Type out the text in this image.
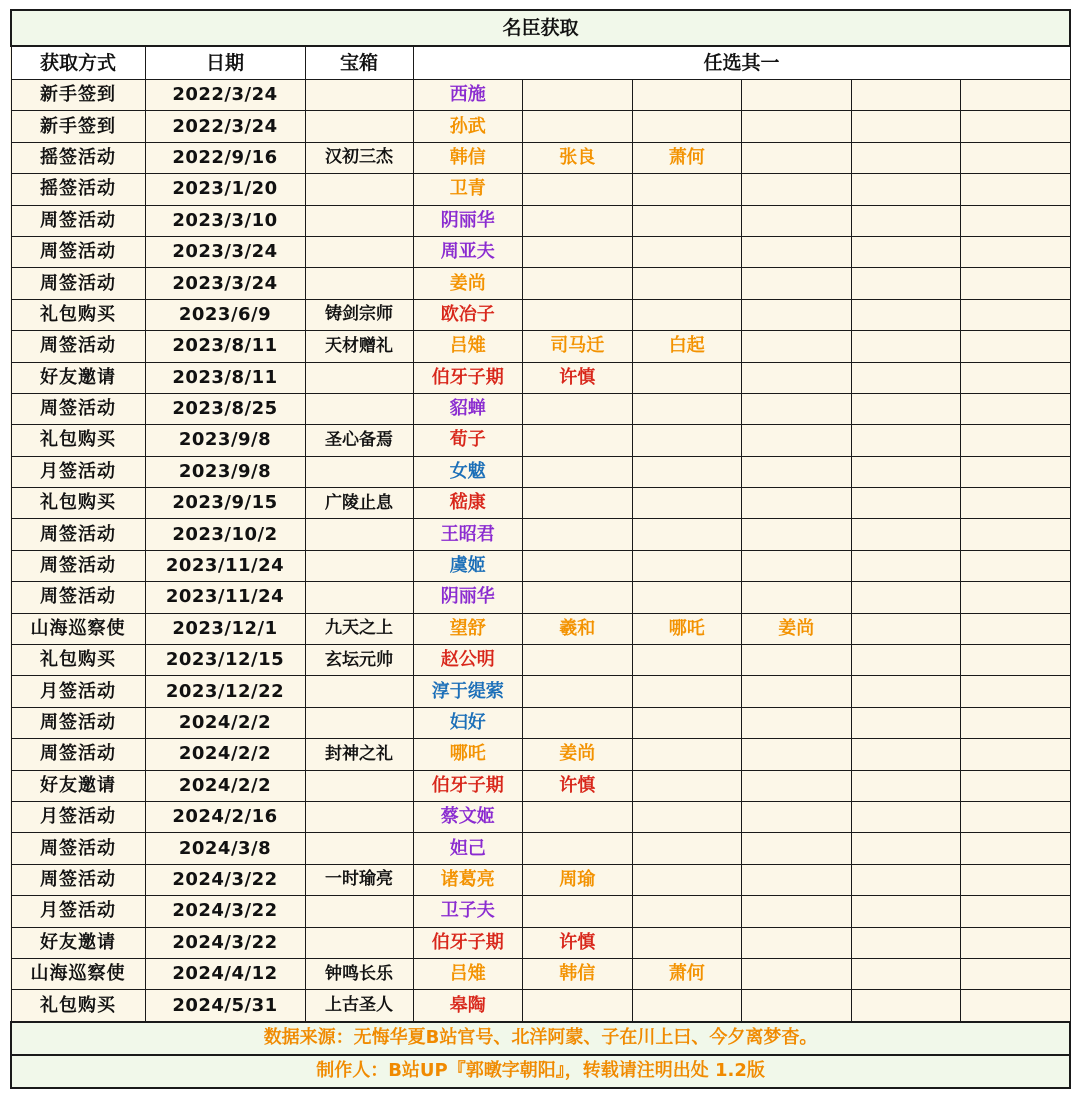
名臣获取								
获取方式	日期	宝箱	任选其一					
新手签到	2022/3/24		西施					
新手签到	2022/3/24		孙武					
摇签活动	2022/9/16	汉初三杰	韩信	张良	萧何			
摇签活动	2023/1/20		卫青					
周签活动	2023/3/10		阴丽华					
周签活动	2023/3/24		周亚夫					
周签活动	2023/3/24		姜尚					
礼包购买	2023/6/9	铸剑宗师	欧冶子					
周签活动	2023/8/11	天材赠礼	吕雉	司马迁	白起			
好友邀请	2023/8/11		伯牙子期	许慎				
周签活动	2023/8/25		貂蝉					
礼包购买	2023/9/8	圣心备焉	荀子					
月签活动	2023/9/8		女魃					
礼包购买	2023/9/15	广陵止息	嵇康					
周签活动	2023/10/2		王昭君					
周签活动	2023/11/24		虞姬					
周签活动	2023/11/24		阴丽华					
山海巡察使	2023/12/1	九天之上	望舒	羲和	哪吒	姜尚		
礼包购买	2023/12/15	玄坛元帅	赵公明					
月签活动	2023/12/22		淳于缇萦					
周签活动	2024/2/2		妇好					
周签活动	2024/2/2	封神之礼	哪吒	姜尚				
好友邀请	2024/2/2		伯牙子期	许慎				
月签活动	2024/2/16		蔡文姬					
周签活动	2024/3/8		妲己					
周签活动	2024/3/22	一时瑜亮	诸葛亮	周瑜				
月签活动	2024/3/22		卫子夫					
好友邀请	2024/3/22		伯牙子期	许慎				
山海巡察使	2024/4/12	钟鸣长乐	吕雉	韩信	萧何			
礼包购买	2024/5/31	上古圣人	皋陶					
数据来源：无悔华夏B站官号、北洋阿蒙、子在川上曰、今夕离梦杳。								
制作人：B站UP『郭暾字朝阳』，转载请注明出处 1.2版								
